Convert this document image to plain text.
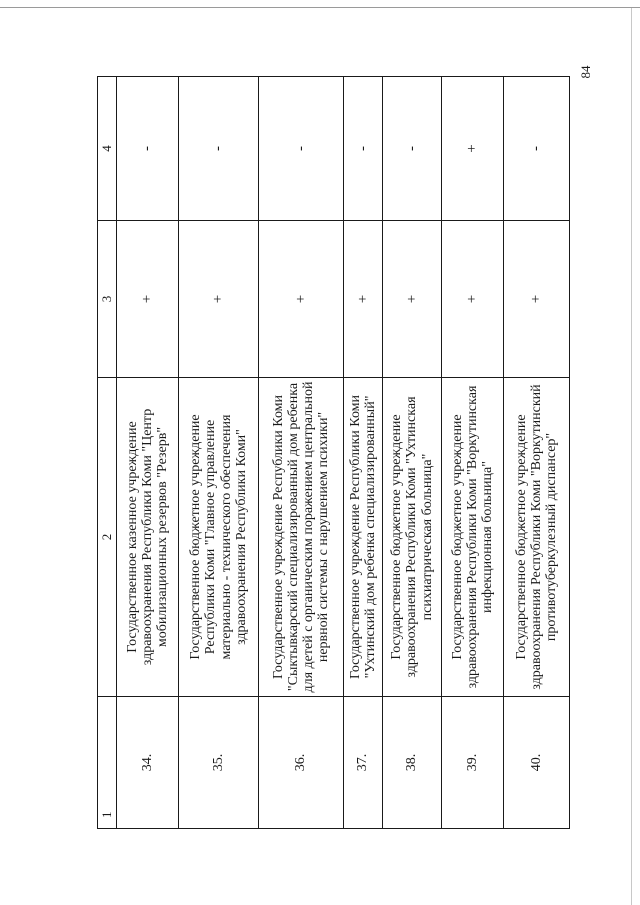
84
1	2	3	4
34.	Государственное казенное учреждение здравоохранения Республики Коми "Центр мобилизационных резервов "Резерв"	+	-
35.	Государственное бюджетное учреждение Республики Коми "Главное управление материально - технического обеспечения здравоохранения Республики Коми"	+	-
36.	Государственное учреждение Республики Коми "Сыктывкарский специализированный дом ребенка для детей с органическим поражением центральной нервной системы с нарушением психики"	+	-
37.	Государственное учреждение Республики Коми "Ухтинский дом ребенка специализированный"	+	-
38.	Государственное бюджетное учреждение здравоохранения Республики Коми "Ухтинская психиатрическая больница"	+	-
39.	Государственное бюджетное учреждение здравоохранения Республики Коми "Воркутинская инфекционная больница"	+	+
40.	Государственное бюджетное учреждение здравоохранения Республики Коми "Воркутинский противотуберкулезный диспансер"	+	-
